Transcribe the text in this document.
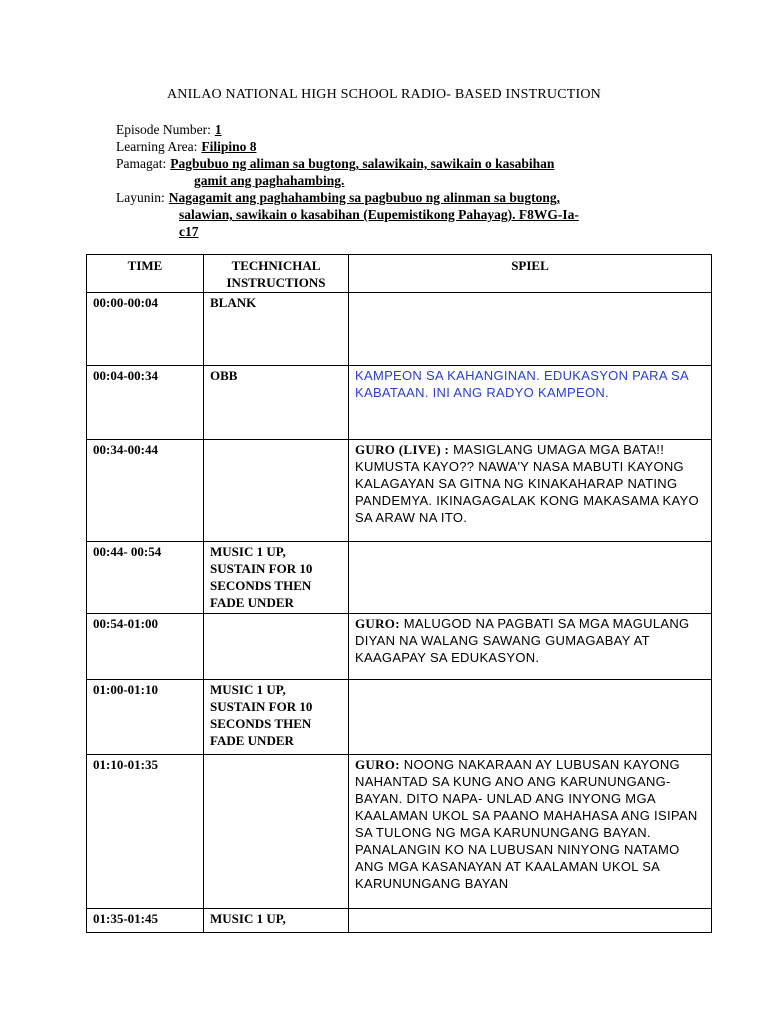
ANILAO NATIONAL HIGH SCHOOL RADIO- BASED INSTRUCTION
Episode Number: 1
Learning Area: Filipino 8
Pamagat: Pagbubuo ng aliman sa bugtong, salawikain, sawikain o kasabihan
gamit ang paghahambing.
Layunin: Nagagamit ang paghahambing sa pagbubuo ng alinman sa bugtong,
salawian, sawikain o kasabihan (Eupemistikong Pahayag). F8WG-Ia-
c17
TIME	TECHNICHAL INSTRUCTIONS	SPIEL
00:00-00:04	BLANK	
00:04-00:34	OBB	KAMPEON SA KAHANGINAN. EDUKASYON PARA SA KABATAAN. INI ANG RADYO KAMPEON.
00:34-00:44		GURO (LIVE) : MASIGLANG UMAGA MGA BATA!! KUMUSTA KAYO?? NAWA'Y NASA MABUTI KAYONG KALAGAYAN SA GITNA NG KINAKAHARAP NATING PANDEMYA. IKINAGAGALAK KONG MAKASAMA KAYO SA ARAW NA ITO.
00:44- 00:54	MUSIC 1 UP, SUSTAIN FOR 10 SECONDS THEN FADE UNDER	
00:54-01:00		GURO: MALUGOD NA PAGBATI SA MGA MAGULANG DIYAN NA WALANG SAWANG GUMAGABAY AT KAAGAPAY SA EDUKASYON.
01:00-01:10	MUSIC 1 UP, SUSTAIN FOR 10 SECONDS THEN FADE UNDER	
01:10-01:35		GURO: NOONG NAKARAAN AY LUBUSAN KAYONG NAHANTAD SA KUNG ANO ANG KARUNUNGANG- BAYAN. DITO NAPA- UNLAD ANG INYONG MGA KAALAMAN UKOL SA PAANO MAHAHASA ANG ISIPAN SA TULONG NG MGA KARUNUNGANG BAYAN. PANALANGIN KO NA LUBUSAN NINYONG NATAMO ANG MGA KASANAYAN AT KAALAMAN UKOL SA KARUNUNGANG BAYAN
01:35-01:45	MUSIC 1 UP,	
